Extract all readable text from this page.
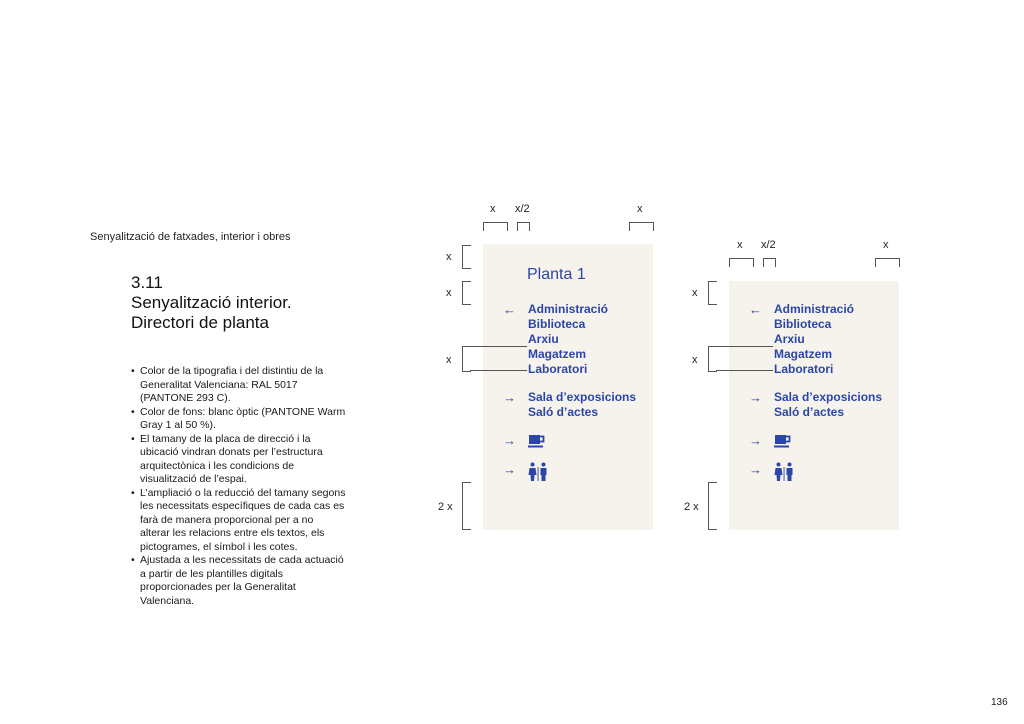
Senyalització de fatxades, interior i obres
3.11
Senyalització interior.
Directori de planta
• Color de la tipografia i del distintiu de la Generalitat Valenciana: RAL 5017 (PANTONE 293 C).
• Color de fons: blanc òptic (PANTONE Warm Gray 1 al 50 %).
• El tamany de la placa de direcció i la ubicació vindran donats per l’estructura arquitectònica i les condicions de visualització de l’espai.
• L’ampliació o la reducció del tamany segons les necessitats específiques de cada cas es farà de manera proporcional per a no alterar les relacions entre els textos, els pictogrames, el símbol i les cotes.
• Ajustada a les necessitats de cada actuació a partir de les plantilles digitals proporcionades per la Generalitat Valenciana.
136
x x/2	x
x
x
x
2 x
Planta 1
← Administració
Biblioteca
Arxiu
Magatzem
Laboratori
→ Sala d’exposicions
Saló d’actes
→
→
x x/2	x
x
x
2 x
← Administració
Biblioteca
Arxiu
Magatzem
Laboratori
→ Sala d’exposicions
Saló d’actes
→
→
